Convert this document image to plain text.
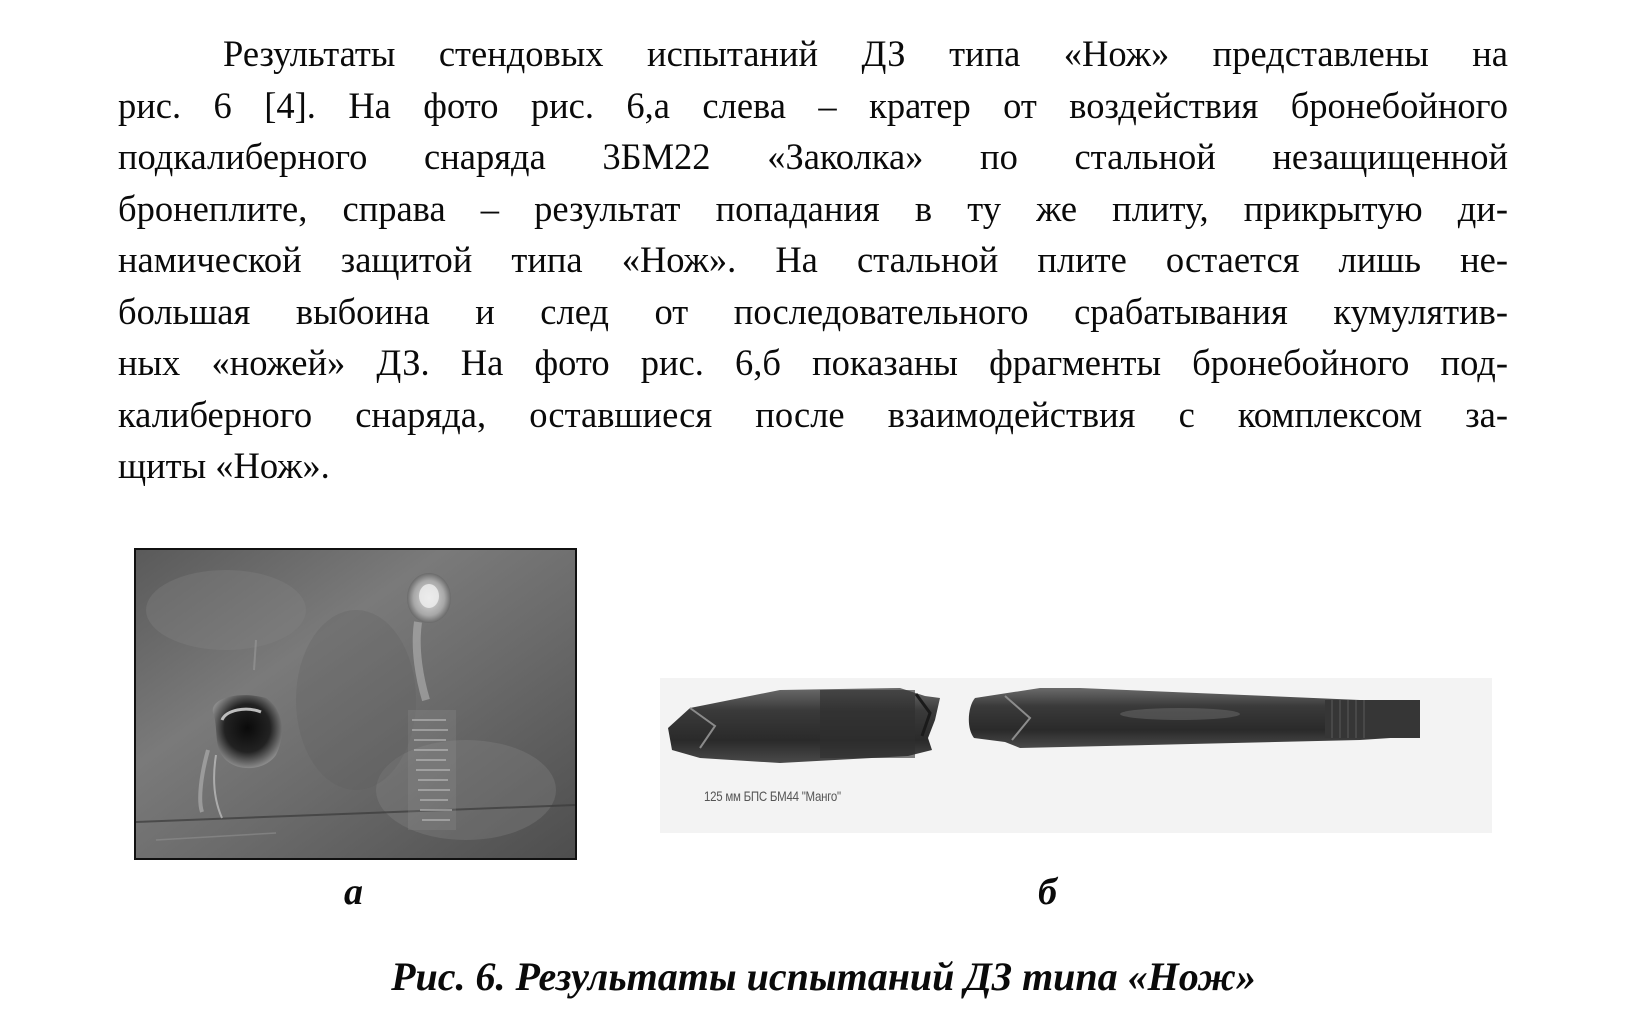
Результаты стендовых испытаний ДЗ типа «Нож» представлены на
рис. 6 [4]. На фото рис. 6,а слева – кратер от воздействия бронебойного
подкалиберного снаряда 3БМ22 «Заколка» по стальной незащищенной
бронеплите, справа – результат попадания в ту же плиту, прикрытую ди-
намической защитой типа «Нож». На стальной плите остается лишь не-
большая выбоина и след от последовательного срабатывания кумулятив-
ных «ножей» ДЗ. На фото рис. 6,б показаны фрагменты бронебойного под-
калиберного снаряда, оставшиеся после взаимодействия с комплексом за-
щиты «Нож».
125 мм БПС БМ44 "Манго"
а	б
Рис. 6. Результаты испытаний ДЗ типа «Нож»
